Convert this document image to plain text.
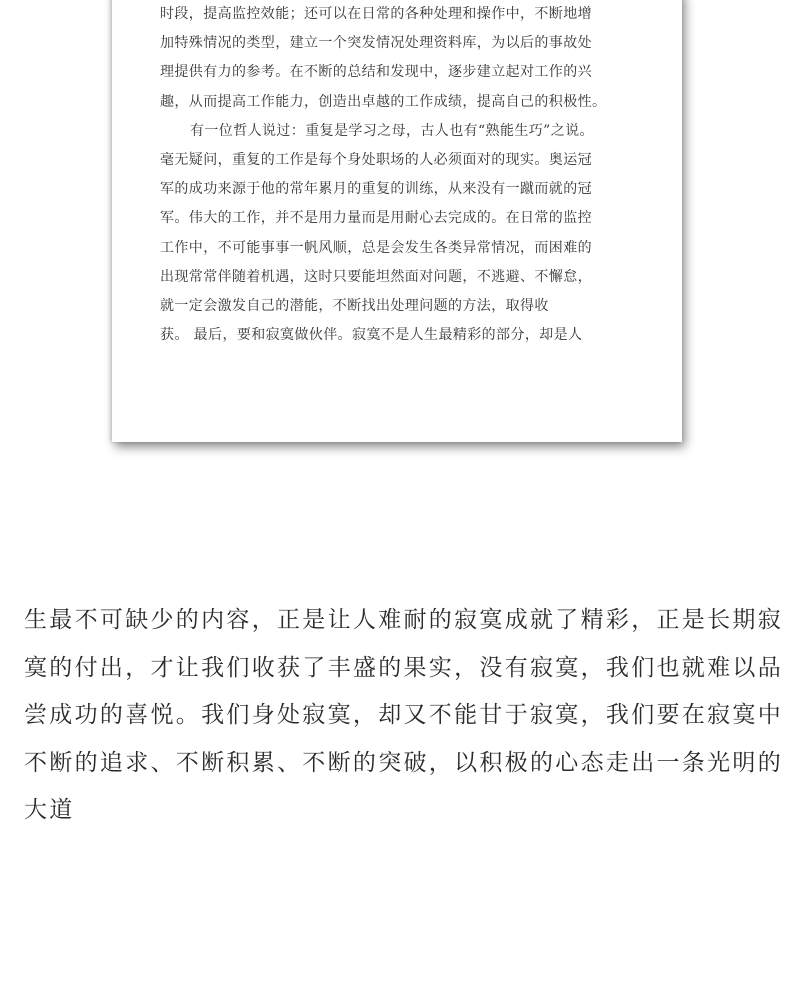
时段，提高监控效能；还可以在日常的各种处理和操作中，不断地增
加特殊情况的类型，建立一个突发情况处理资料库，为以后的事故处
理提供有力的参考。在不断的总结和发现中，逐步建立起对工作的兴
趣，从而提高工作能力，创造出卓越的工作成绩，提高自己的积极性。
有一位哲人说过：重复是学习之母，古人也有“熟能生巧”之说。
毫无疑问，重复的工作是每个身处职场的人必须面对的现实。奥运冠
军的成功来源于他的常年累月的重复的训练，从来没有一蹴而就的冠
军。伟大的工作，并不是用力量而是用耐心去完成的。在日常的监控
工作中，不可能事事一帆风顺，总是会发生各类异常情况，而困难的
出现常常伴随着机遇，这时只要能坦然面对问题，不逃避、不懈怠，
就一定会激发自己的潜能，不断找出处理问题的方法，取得收
获。 最后，要和寂寞做伙伴。寂寞不是人生最精彩的部分，却是人
生最不可缺少的内容，正是让人难耐的寂寞成就了精彩，正是长期寂
寞的付出，才让我们收获了丰盛的果实，没有寂寞，我们也就难以品
尝成功的喜悦。我们身处寂寞，却又不能甘于寂寞，我们要在寂寞中
不断的追求、不断积累、不断的突破，以积极的心态走出一条光明的
大道
